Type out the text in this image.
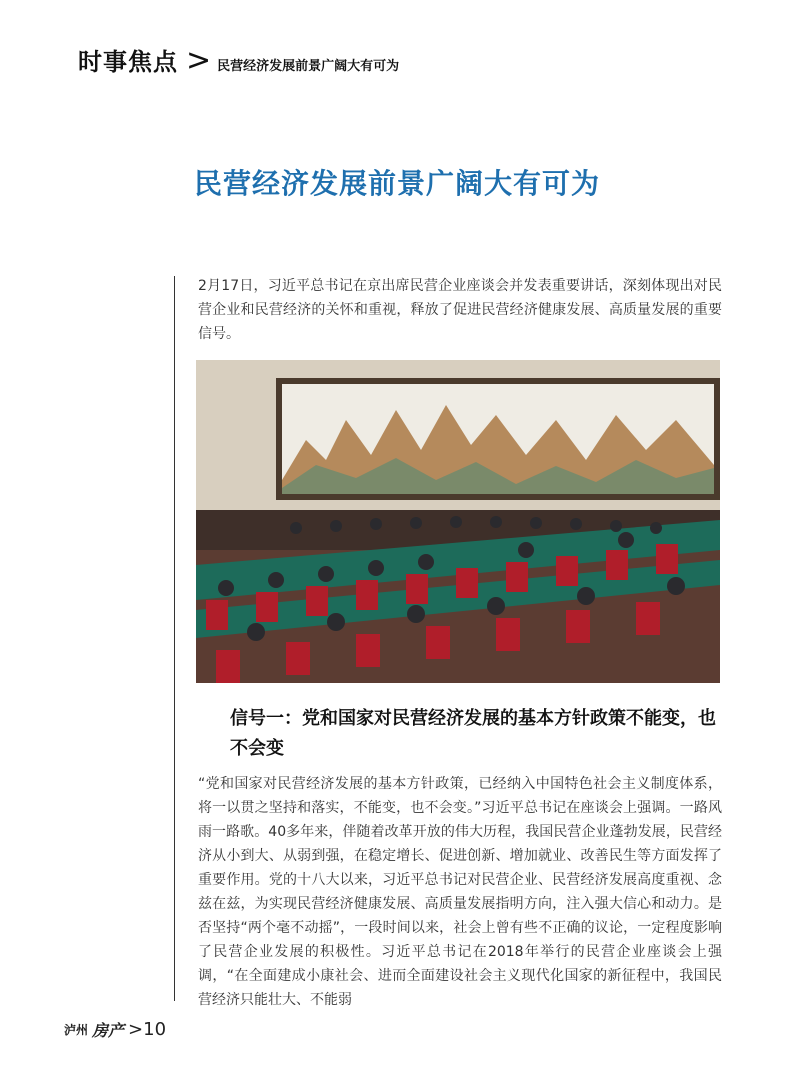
时事焦点 > 民营经济发展前景广阔大有可为
民营经济发展前景广阔大有可为

2月17日，习近平总书记在京出席民营企业座谈会并发表重要讲话，深刻体现出对民营企业和民营经济的关怀和重视，释放了促进民营经济健康发展、高质量发展的重要信号。

信号一：党和国家对民营经济发展的基本方针政策不能变，也不会变

“党和国家对民营经济发展的基本方针政策，已经纳入中国特色社会主义制度体系，将一以贯之坚持和落实，不能变，也不会变。”习近平总书记在座谈会上强调。一路风雨一路歌。40多年来，伴随着改革开放的伟大历程，我国民营企业蓬勃发展，民营经济从小到大、从弱到强，在稳定增长、促进创新、增加就业、改善民生等方面发挥了重要作用。党的十八大以来，习近平总书记对民营企业、民营经济发展高度重视、念兹在兹，为实现民营经济健康发展、高质量发展指明方向，注入强大信心和动力。是否坚持“两个毫不动摇”，一段时间以来，社会上曾有些不正确的议论，一定程度影响了民营企业发展的积极性。习近平总书记在2018年举行的民营企业座谈会上强调，“在全面建成小康社会、进而全面建设社会主义现代化国家的新征程中，我国民营经济只能壮大、不能弱

泸州 房产 >10
